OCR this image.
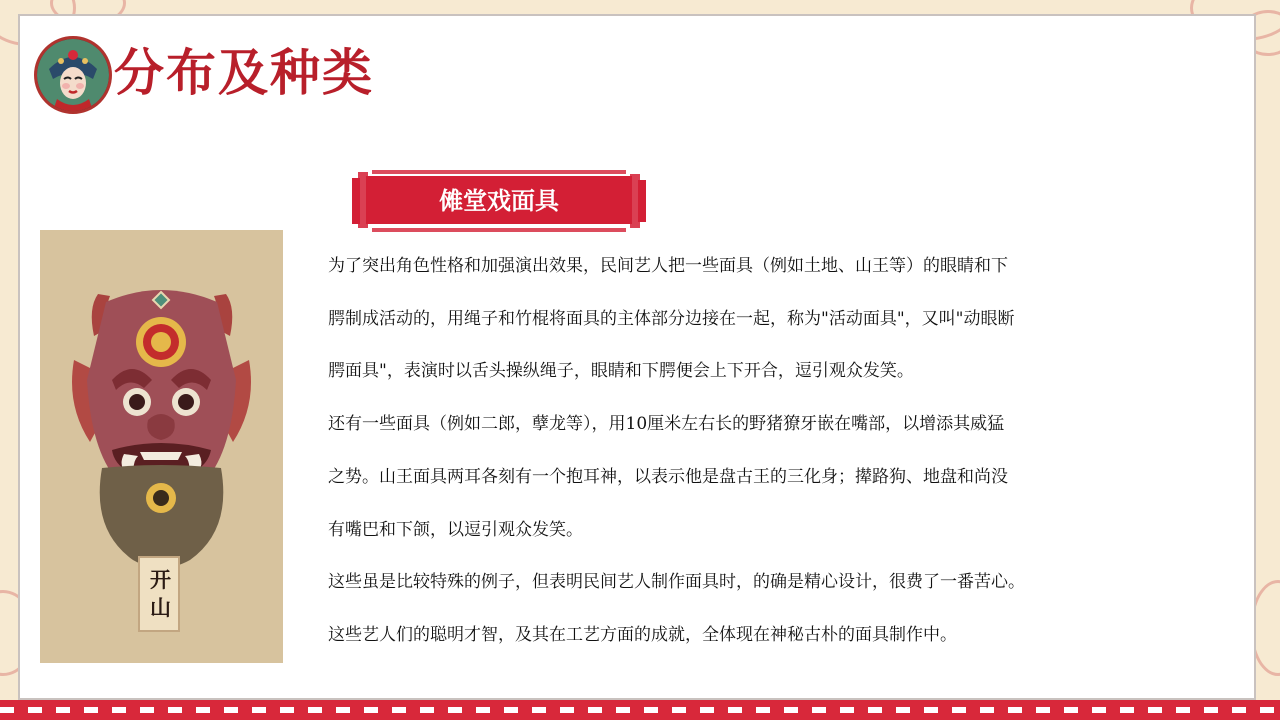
分布及种类
傩堂戏面具
开山

为了突出角色性格和加强演出效果，民间艺人把一些面具（例如土地、山王等）的眼睛和下

腭制成活动的，用绳子和竹棍将面具的主体部分边接在一起，称为"活动面具"，又叫"动眼断

腭面具"，表演时以舌头操纵绳子，眼睛和下腭便会上下开合，逗引观众发笑。

还有一些面具（例如二郎，孽龙等），用10厘米左右长的野猪獠牙嵌在嘴部，以增添其威猛

之势。山王面具两耳各刻有一个抱耳神，以表示他是盘古王的三化身；撵路狗、地盘和尚没

有嘴巴和下颌，以逗引观众发笑。

这些虽是比较特殊的例子，但表明民间艺人制作面具时，的确是精心设计，很费了一番苦心。

这些艺人们的聪明才智，及其在工艺方面的成就，全体现在神秘古朴的面具制作中。
